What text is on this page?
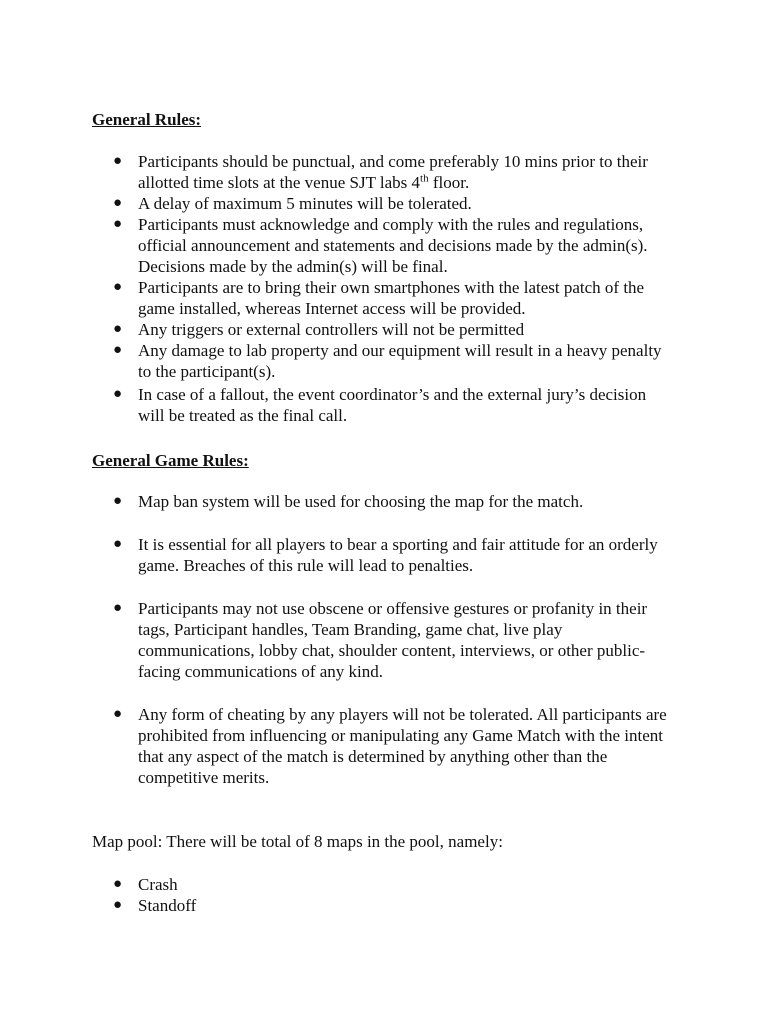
General Rules:

● Participants should be punctual, and come preferably 10 mins prior to their allotted time slots at the venue SJT labs 4th floor.
● A delay of maximum 5 minutes will be tolerated.
● Participants must acknowledge and comply with the rules and regulations, official announcement and statements and decisions made by the admin(s). Decisions made by the admin(s) will be final.
● Participants are to bring their own smartphones with the latest patch of the game installed, whereas Internet access will be provided.
● Any triggers or external controllers will not be permitted
● Any damage to lab property and our equipment will result in a heavy penalty to the participant(s).
● In case of a fallout, the event coordinator’s and the external jury’s decision will be treated as the final call.

General Game Rules:

● Map ban system will be used for choosing the map for the match.
● It is essential for all players to bear a sporting and fair attitude for an orderly game. Breaches of this rule will lead to penalties.
● Participants may not use obscene or offensive gestures or profanity in their tags, Participant handles, Team Branding, game chat, live play communications, lobby chat, shoulder content, interviews, or other public-facing communications of any kind.
● Any form of cheating by any players will not be tolerated. All participants are prohibited from influencing or manipulating any Game Match with the intent that any aspect of the match is determined by anything other than the competitive merits.

Map pool: There will be total of 8 maps in the pool, namely:

● Crash
● Standoff
